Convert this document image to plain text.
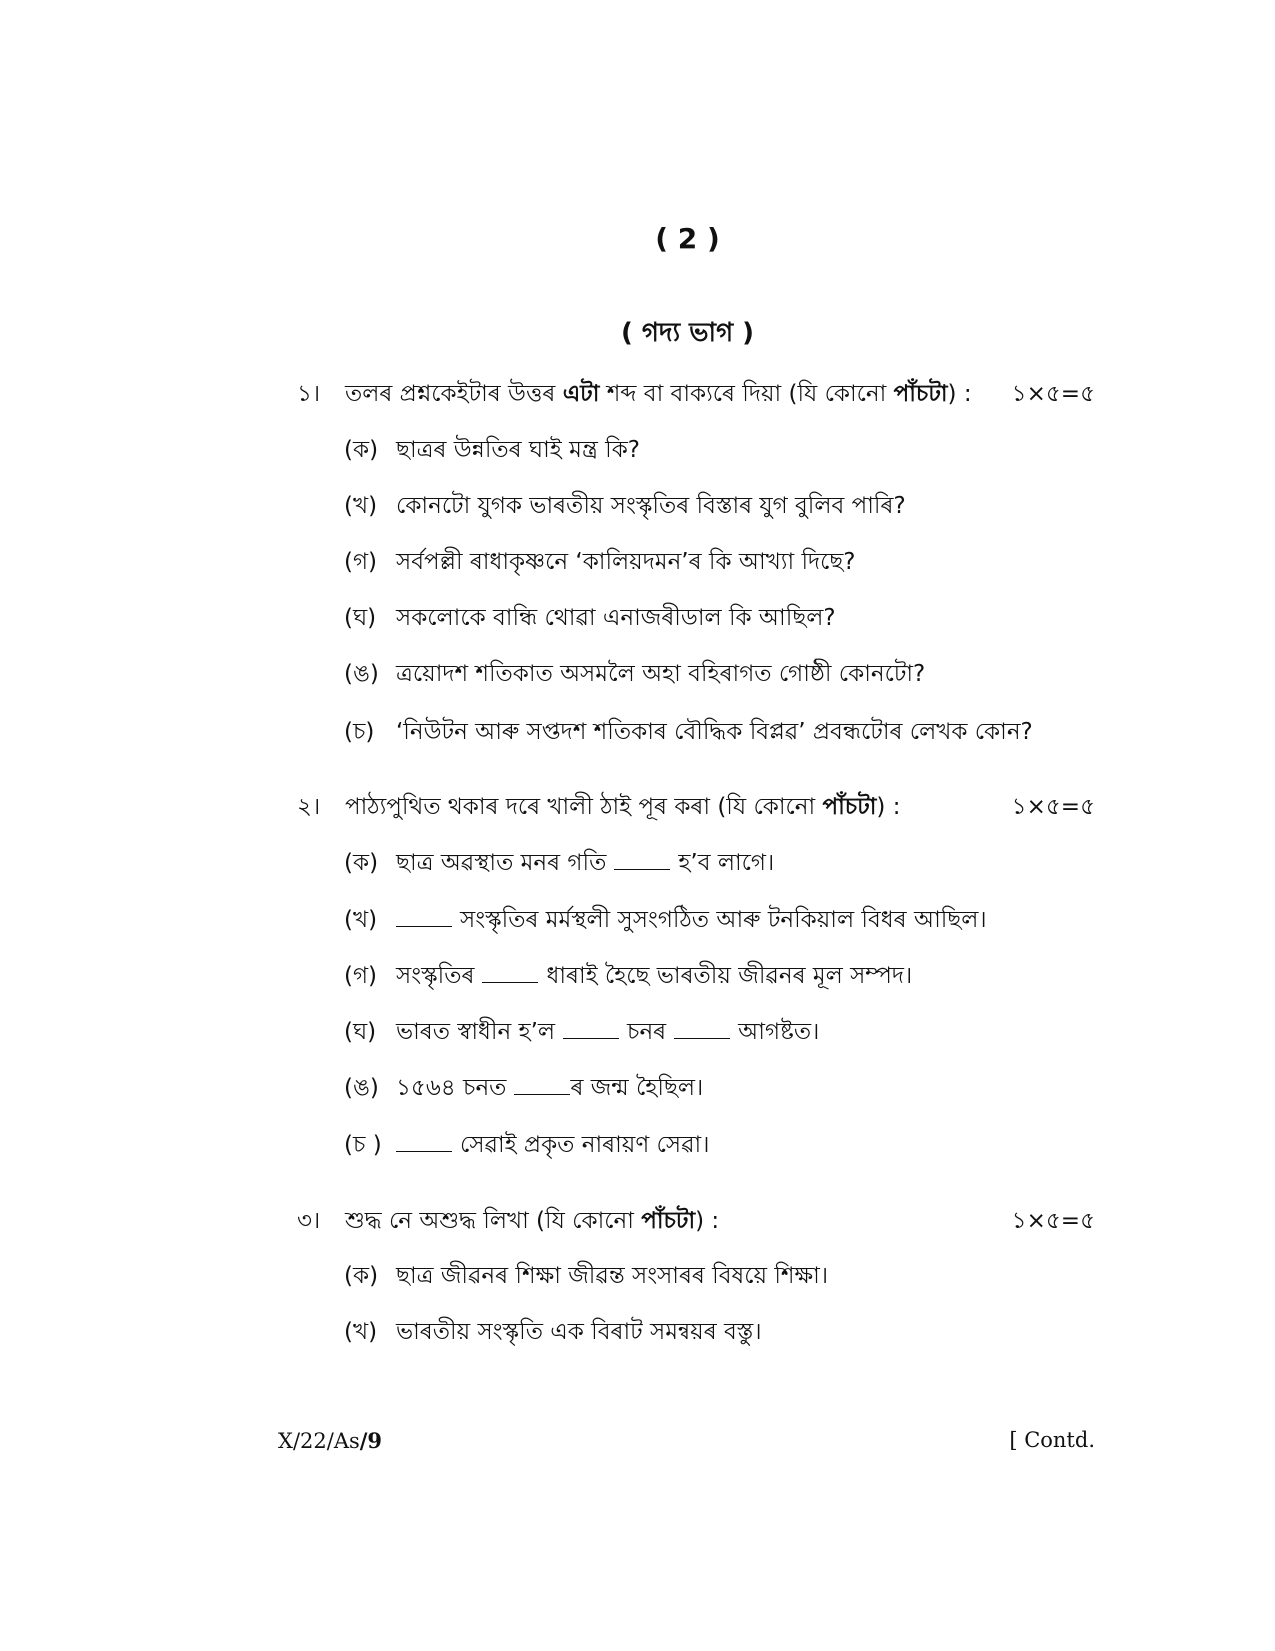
( 2 )
( গদ্য ভাগ )
১।	তলৰ প্ৰশ্নকেইটাৰ উত্তৰ এটা শব্দ বা বাক্যৰে দিয়া (যি কোনো পাঁচটা) :	১×৫=৫
(ক) ছাত্ৰৰ উন্নতিৰ ঘাই মন্ত্ৰ কি?
(খ) কোনটো যুগক ভাৰতীয় সংস্কৃতিৰ বিস্তাৰ যুগ বুলিব পাৰি?
(গ) সৰ্বপল্লী ৰাধাকৃষ্ণনে ‘কালিয়দমন’ৰ কি আখ্যা দিছে?
(ঘ) সকলোকে বান্ধি থোৱা এনাজৰীডাল কি আছিল?
(ঙ) ত্ৰয়োদশ শতিকাত অসমলৈ অহা বহিৰাগত গোষ্ঠী কোনটো?
(চ) ‘নিউটন আৰু সপ্তদশ শতিকাৰ বৌদ্ধিক বিপ্লৱ’ প্ৰবন্ধটোৰ লেখক কোন?
২।	পাঠ্যপুথিত থকাৰ দৰে খালী ঠাই পূৰ কৰা (যি কোনো পাঁচটা) :	১×৫=৫
(ক) ছাত্ৰ অৱস্থাত মনৰ গতি	হ’ব লাগে।
(খ)	সংস্কৃতিৰ মৰ্মস্থলী সুসংগঠিত আৰু টনকিয়াল বিধৰ আছিল।
(গ) সংস্কৃতিৰ	ধাৰাই হৈছে ভাৰতীয় জীৱনৰ মূল সম্পদ।
(ঘ) ভাৰত স্বাধীন হ’ল	চনৰ	আগষ্টত।
(ঙ) ১৫৬৪ চনত	ৰ জন্ম হৈছিল।
(চ )	সেৱাই প্ৰকৃত নাৰায়ণ সেৱা।
৩।	শুদ্ধ নে অশুদ্ধ লিখা (যি কোনো পাঁচটা) :	১×৫=৫
(ক) ছাত্ৰ জীৱনৰ শিক্ষা জীৱন্ত সংসাৰৰ বিষয়ে শিক্ষা।
(খ) ভাৰতীয় সংস্কৃতি এক বিৰাট সমন্বয়ৰ বস্তু।
X/22/As/9	[ Contd.
